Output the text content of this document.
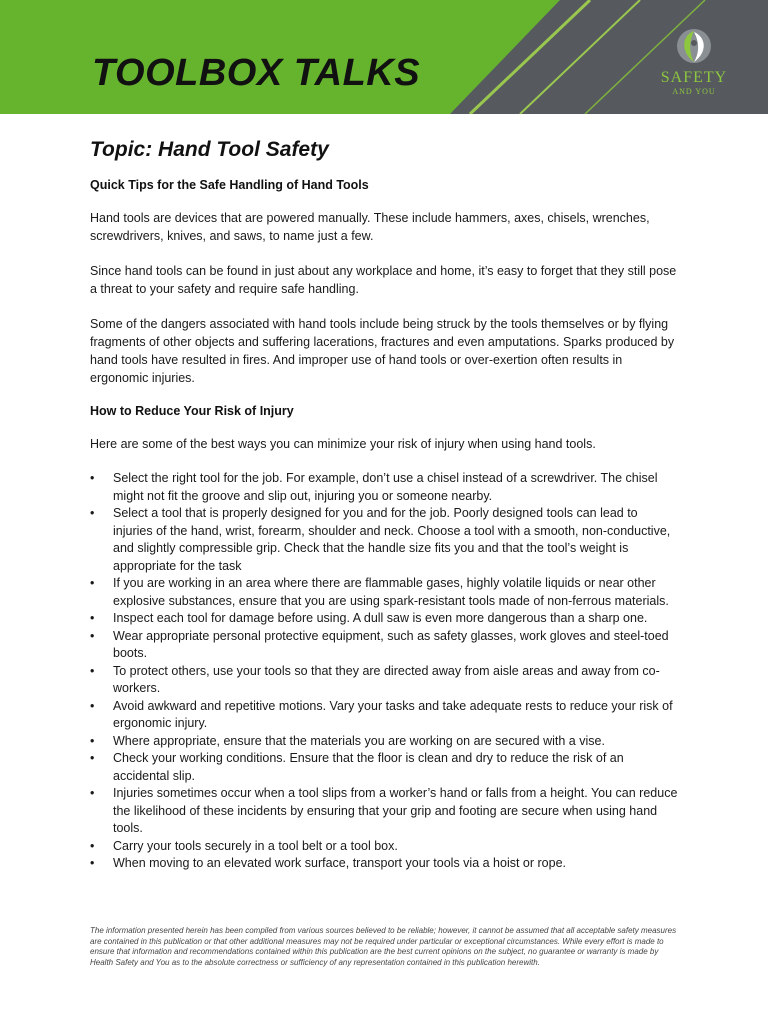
TOOLBOX TALKS	SAFETY
AND YOU
Topic: Hand Tool Safety

Quick Tips for the Safe Handling of Hand Tools

Hand tools are devices that are powered manually. These include hammers, axes, chisels, wrenches, screwdrivers, knives, and saws, to name just a few.

Since hand tools can be found in just about any workplace and home, it’s easy to forget that they still pose a threat to your safety and require safe handling.

Some of the dangers associated with hand tools include being struck by the tools themselves or by flying fragments of other objects and suffering lacerations, fractures and even amputations. Sparks produced by hand tools have resulted in fires. And improper use of hand tools or over-exertion often results in ergonomic injuries.

How to Reduce Your Risk of Injury

Here are some of the best ways you can minimize your risk of injury when using hand tools.

• Select the right tool for the job. For example, don’t use a chisel instead of a screwdriver. The chisel might not fit the groove and slip out, injuring you or someone nearby.
• Select a tool that is properly designed for you and for the job. Poorly designed tools can lead to injuries of the hand, wrist, forearm, shoulder and neck. Choose a tool with a smooth, non-conductive, and slightly compressible grip. Check that the handle size fits you and that the tool’s weight is appropriate for the task
• If you are working in an area where there are flammable gases, highly volatile liquids or near other explosive substances, ensure that you are using spark-resistant tools made of non-ferrous materials.
• Inspect each tool for damage before using. A dull saw is even more dangerous than a sharp one.
• Wear appropriate personal protective equipment, such as safety glasses, work gloves and steel-toed boots.
• To protect others, use your tools so that they are directed away from aisle areas and away from co-workers.
• Avoid awkward and repetitive motions. Vary your tasks and take adequate rests to reduce your risk of ergonomic injury.
• Where appropriate, ensure that the materials you are working on are secured with a vise.
• Check your working conditions. Ensure that the floor is clean and dry to reduce the risk of an accidental slip.
• Injuries sometimes occur when a tool slips from a worker’s hand or falls from a height. You can reduce the likelihood of these incidents by ensuring that your grip and footing are secure when using hand tools.
• Carry your tools securely in a tool belt or a tool box.
• When moving to an elevated work surface, transport your tools via a hoist or rope.

The information presented herein has been compiled from various sources believed to be reliable; however, it cannot be assumed that all acceptable safety measures are contained in this publication or that other additional measures may not be required under particular or exceptional circumstances. While every effort is made to ensure that information and recommendations contained within this publication are the best current opinions on the subject, no guarantee or warranty is made by Health Safety and You as to the absolute correctness or sufficiency of any representation contained in this publication herewith.
